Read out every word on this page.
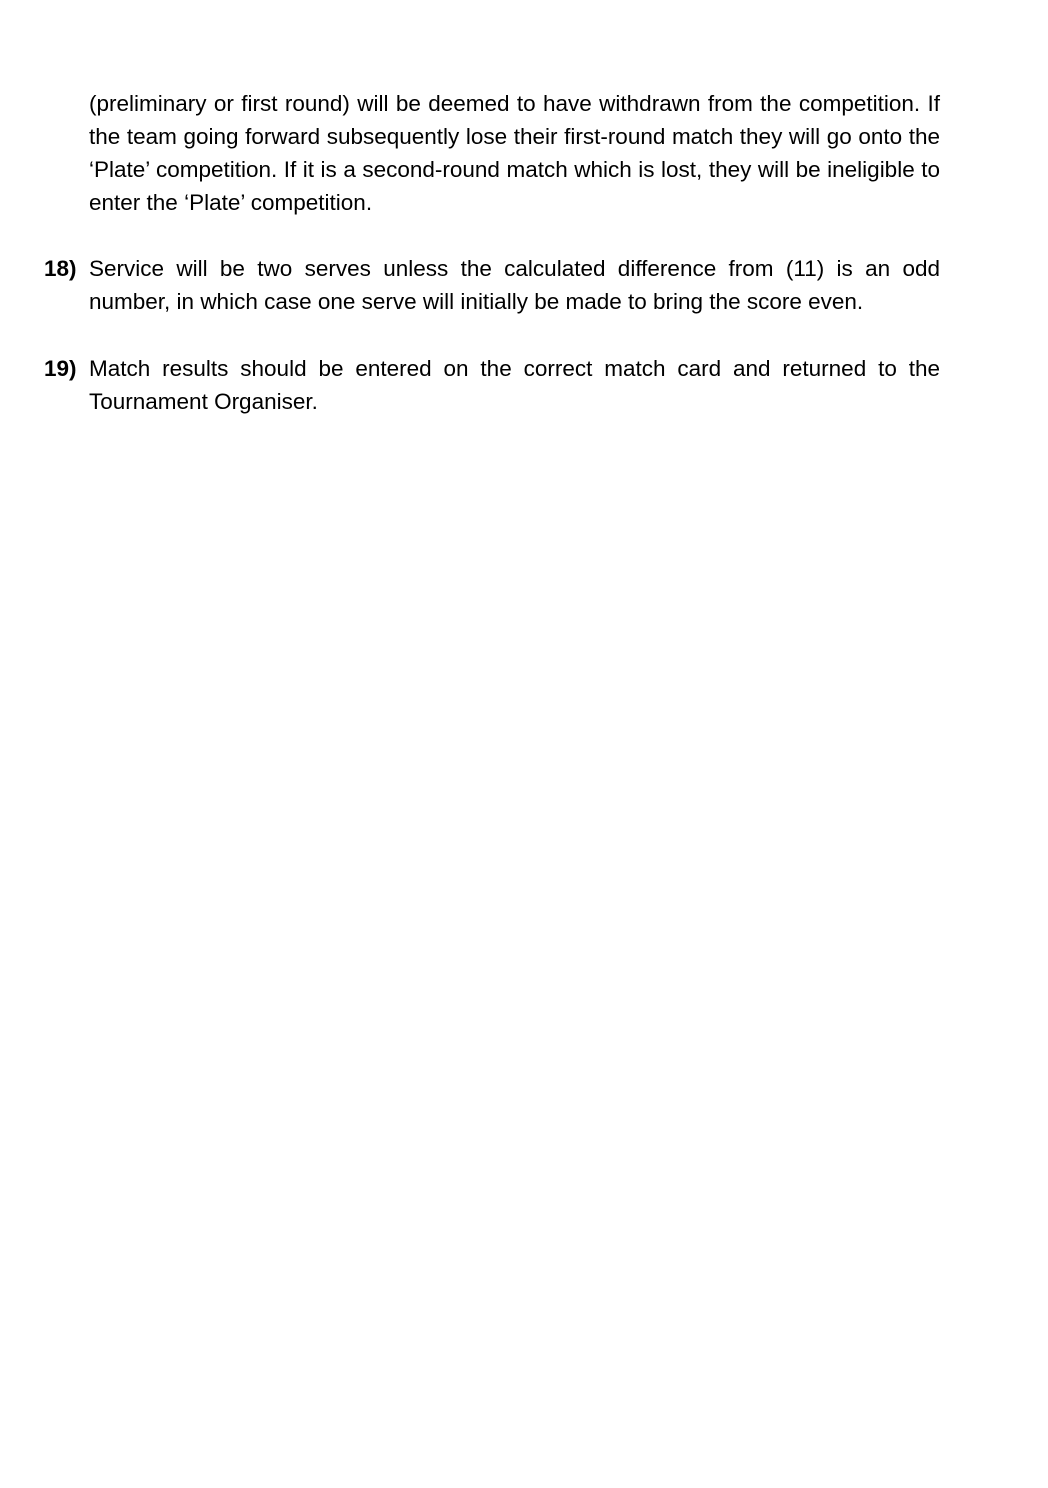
(preliminary or first round) will be deemed to have withdrawn from the competition. If the team going forward subsequently lose their first-round match they will go onto the ‘Plate’ competition. If it is a second-round match which is lost, they will be ineligible to enter the ‘Plate’ competition.

18) Service will be two serves unless the calculated difference from (11) is an odd number, in which case one serve will initially be made to bring the score even.
19) Match results should be entered on the correct match card and returned to the Tournament Organiser.
